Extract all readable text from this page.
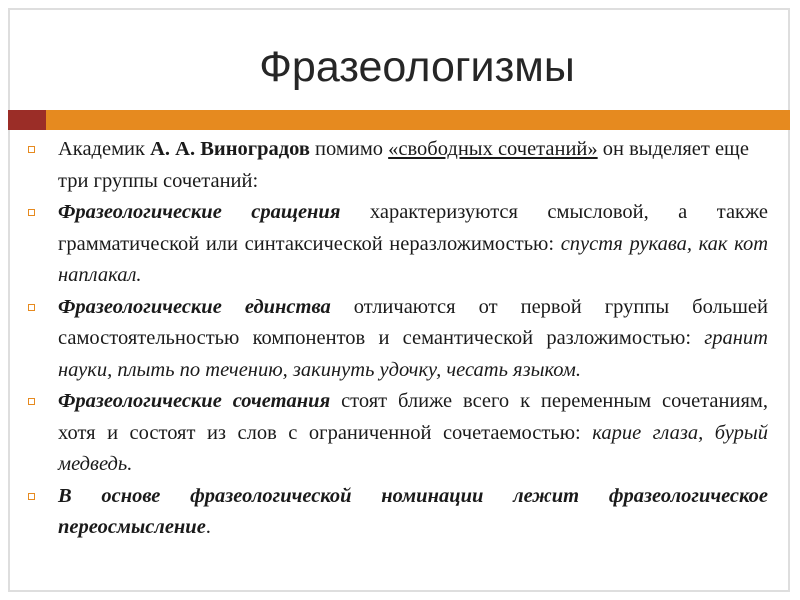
Фразеологизмы

Академик А. А. Виноградов помимо «свободных сочетаний» он выделяет еще три группы сочетаний:

Фразеологические сращения характеризуются смысловой, а также грамматической или синтаксической неразложимостью: спустя рукава, как кот наплакал.

Фразеологические единства отличаются от первой группы большей самостоятельностью компонентов и семантической разложимостью: гранит науки, плыть по течению, закинуть удочку, чесать языком.

Фразеологические сочетания стоят ближе всего к переменным сочетаниям, хотя и состоят из слов с ограниченной сочетаемостью: карие глаза, бурый медведь.

В основе фразеологической номинации лежит фразеологическое переосмысление.
